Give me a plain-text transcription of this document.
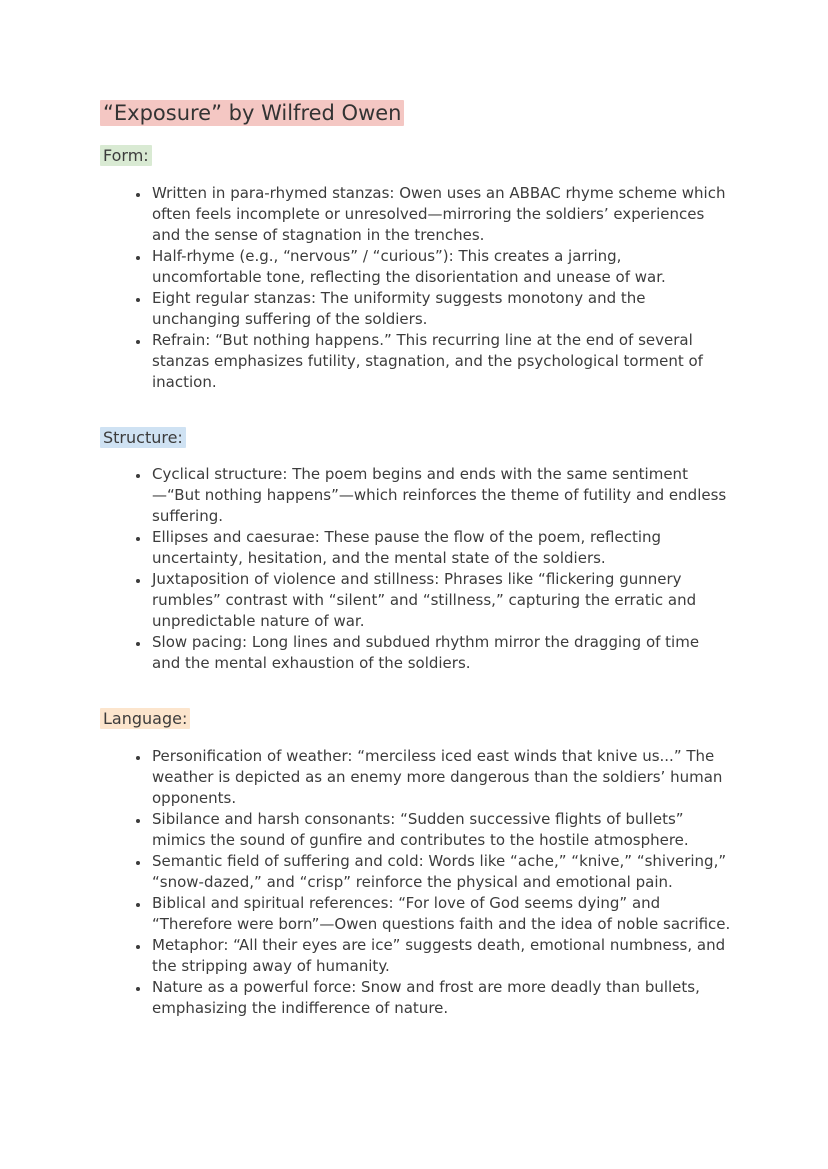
“Exposure” by Wilfred Owen
Form:
• Written in para-rhymed stanzas: Owen uses an ABBAC rhyme scheme which often feels incomplete or unresolved—mirroring the soldiers’ experiences and the sense of stagnation in the trenches.
• Half-rhyme (e.g., “nervous” / “curious”): This creates a jarring, uncomfortable tone, reflecting the disorientation and unease of war.
• Eight regular stanzas: The uniformity suggests monotony and the unchanging suffering of the soldiers.
• Refrain: “But nothing happens.” This recurring line at the end of several stanzas emphasizes futility, stagnation, and the psychological torment of inaction.
Structure:
• Cyclical structure: The poem begins and ends with the same sentiment—“But nothing happens”—which reinforces the theme of futility and endless suffering.
• Ellipses and caesurae: These pause the flow of the poem, reflecting uncertainty, hesitation, and the mental state of the soldiers.
• Juxtaposition of violence and stillness: Phrases like “flickering gunnery rumbles” contrast with “silent” and “stillness,” capturing the erratic and unpredictable nature of war.
• Slow pacing: Long lines and subdued rhythm mirror the dragging of time and the mental exhaustion of the soldiers.
Language:
• Personification of weather: “merciless iced east winds that knive us...” The weather is depicted as an enemy more dangerous than the soldiers’ human opponents.
• Sibilance and harsh consonants: “Sudden successive flights of bullets” mimics the sound of gunfire and contributes to the hostile atmosphere.
• Semantic field of suffering and cold: Words like “ache,” “knive,” “shivering,” “snow-dazed,” and “crisp” reinforce the physical and emotional pain.
• Biblical and spiritual references: “For love of God seems dying” and “Therefore were born”—Owen questions faith and the idea of noble sacrifice.
• Metaphor: “All their eyes are ice” suggests death, emotional numbness, and the stripping away of humanity.
• Nature as a powerful force: Snow and frost are more deadly than bullets, emphasizing the indifference of nature.
